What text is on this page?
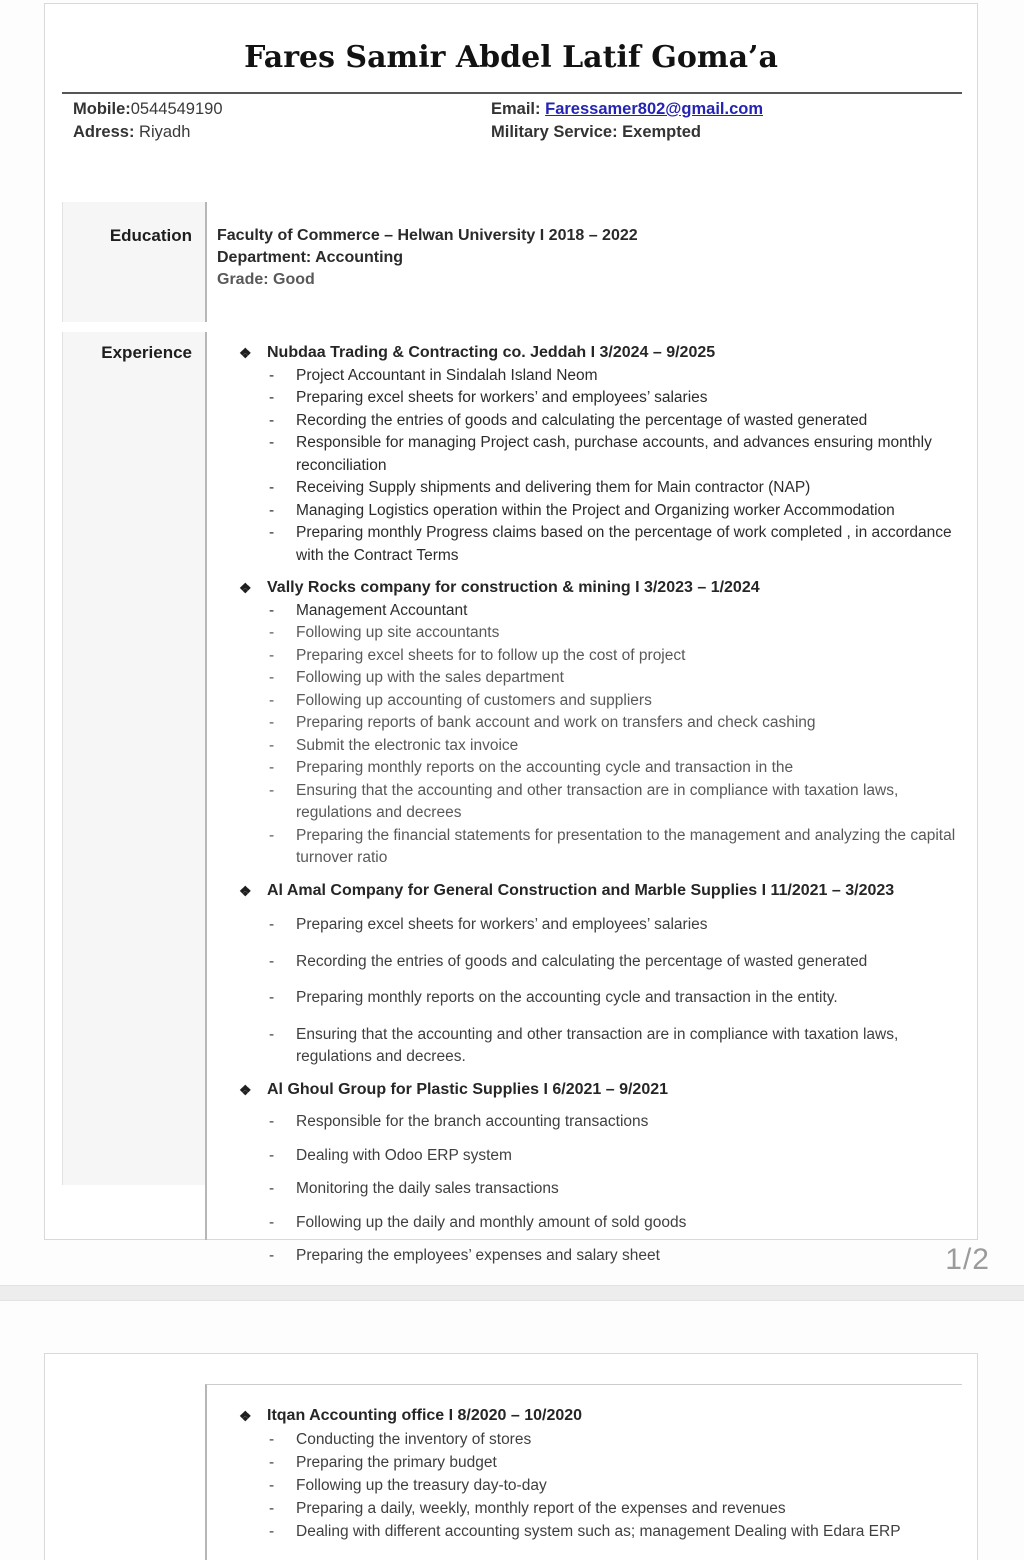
Fares Samir Abdel Latif Goma’a
Mobile:0544549190
Adress: Riyadh
Email: Faressamer802@gmail.com
Military Service: Exempted
Education	Faculty of Commerce – Helwan University I 2018 – 2022
Department: Accounting
Grade: Good
Experience	❖ Nubdaa Trading & Contracting co. Jeddah I 3/2024 – 9/2025
-	Project Accountant in Sindalah Island Neom
-	Preparing excel sheets for workers’ and employees’ salaries
-	Recording the entries of goods and calculating the percentage of wasted generated
-	Responsible for managing Project cash, purchase accounts, and advances ensuring monthly reconciliation
-	Receiving Supply shipments and delivering them for Main contractor (NAP)
-	Managing Logistics operation within the Project and Organizing worker Accommodation
-	Preparing monthly Progress claims based on the percentage of work completed , in accordance with the Contract Terms
❖ Vally Rocks company for construction & mining I 3/2023 – 1/2024
-	Management Accountant
-	Following up site accountants
-	Preparing excel sheets for to follow up the cost of project
-	Following up with the sales department
-	Following up accounting of customers and suppliers
-	Preparing reports of bank account and work on transfers and check cashing
-	Submit the electronic tax invoice
-	Preparing monthly reports on the accounting cycle and transaction in the
-	Ensuring that the accounting and other transaction are in compliance with taxation laws, regulations and decrees
-	Preparing the financial statements for presentation to the management and analyzing the capital turnover ratio
❖ Al Amal Company for General Construction and Marble Supplies I 11/2021 – 3/2023
-	Preparing excel sheets for workers’ and employees’ salaries
-	Recording the entries of goods and calculating the percentage of wasted generated
-	Preparing monthly reports on the accounting cycle and transaction in the entity.
-	Ensuring that the accounting and other transaction are in compliance with taxation laws, regulations and decrees.
❖ Al Ghoul Group for Plastic Supplies I 6/2021 – 9/2021
-	Responsible for the branch accounting transactions
-	Dealing with Odoo ERP system
-	Monitoring the daily sales transactions
-	Following up the daily and monthly amount of sold goods
-	Preparing the employees’ expenses and salary sheet	1/2
❖ Itqan Accounting office I 8/2020 – 10/2020
-	Conducting the inventory of stores
-	Preparing the primary budget
-	Following up the treasury day-to-day
-	Preparing a daily, weekly, monthly report of the expenses and revenues
-	Dealing with different accounting system such as; management Dealing with Edara ERP
